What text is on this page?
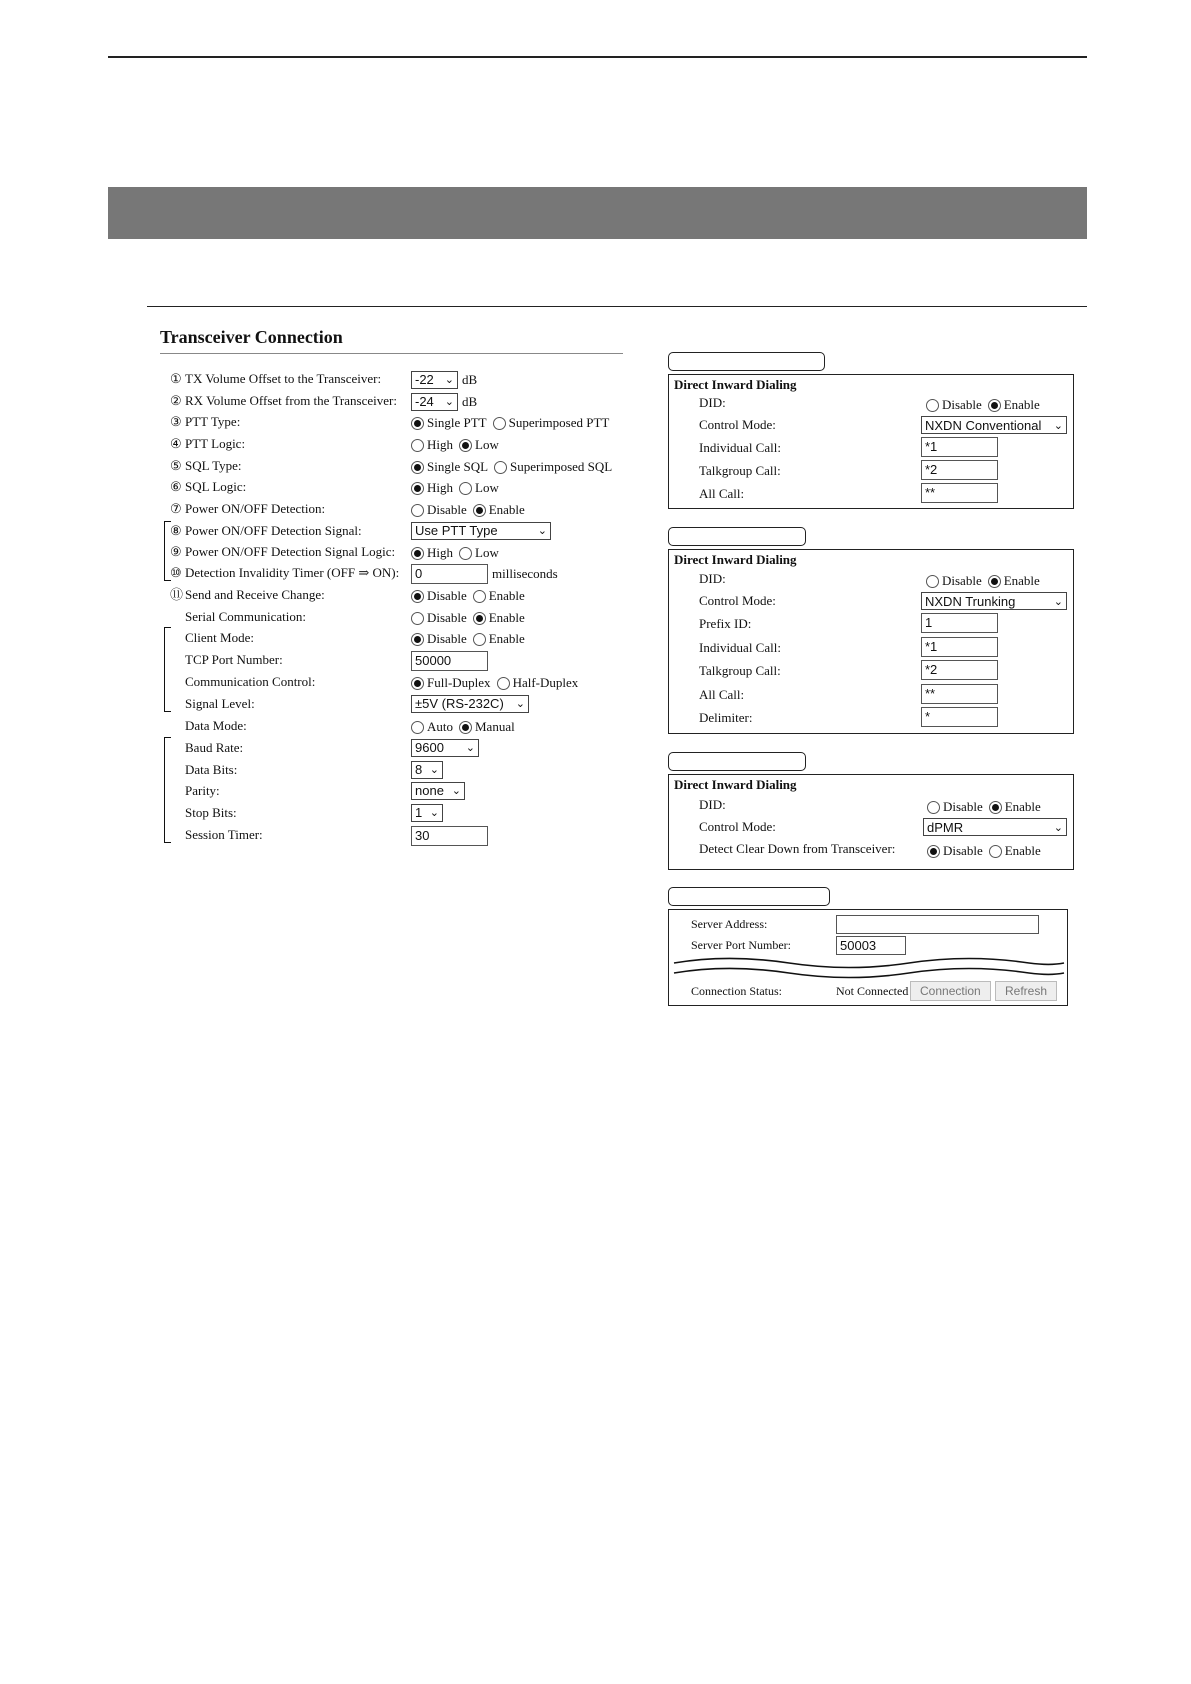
Transceiver Connection
① TX Volume Offset to the Transceiver:	-22 ⌄ dB
② RX Volume Offset from the Transceiver: -24 ⌄ dB
③ PTT Type:	Single PTT Superimposed PTT
④ PTT Logic:	High Low
⑤ SQL Type:	Single SQL Superimposed SQL
⑥ SQL Logic:	High Low
⑦ Power ON/OFF Detection:	Disable Enable
⑧ Power ON/OFF Detection Signal:	Use PTT Type	⌄
⑨ Power ON/OFF Detection Signal Logic: High Low
⑩ Detection Invalidity Timer (OFF ⇒ ON):	0	milliseconds
⑪ Send and Receive Change:	Disable Enable
Serial Communication:	Disable Enable
Client Mode:	Disable Enable
TCP Port Number:	50000
Communication Control:	Full-Duplex Half-Duplex
Signal Level:	±5V (RS-232C) ⌄
Data Mode:	Auto Manual
Baud Rate:	9600 ⌄
Data Bits:	8 ⌄
Parity:	none ⌄
Stop Bits:	1 ⌄
Session Timer:	30
Direct Inward Dialing
DID:	Disable Enable
Control Mode:	NXDN Conventional ⌄
Individual Call:	*1
Talkgroup Call:	*2
All Call:	**
Direct Inward Dialing
DID:	Disable Enable
Control Mode:	NXDN Trunking	⌄
Prefix ID:	1
Individual Call:	*1
Talkgroup Call:	*2
All Call:	**
Delimiter:	*
Direct Inward Dialing
DID:	Disable Enable
Control Mode:	dPMR	⌄
Detect Clear Down from Transceiver:	Disable Enable
Server Address:
Server Port Number:	50003
Connection Status:	Not Connected Connection	Refresh
